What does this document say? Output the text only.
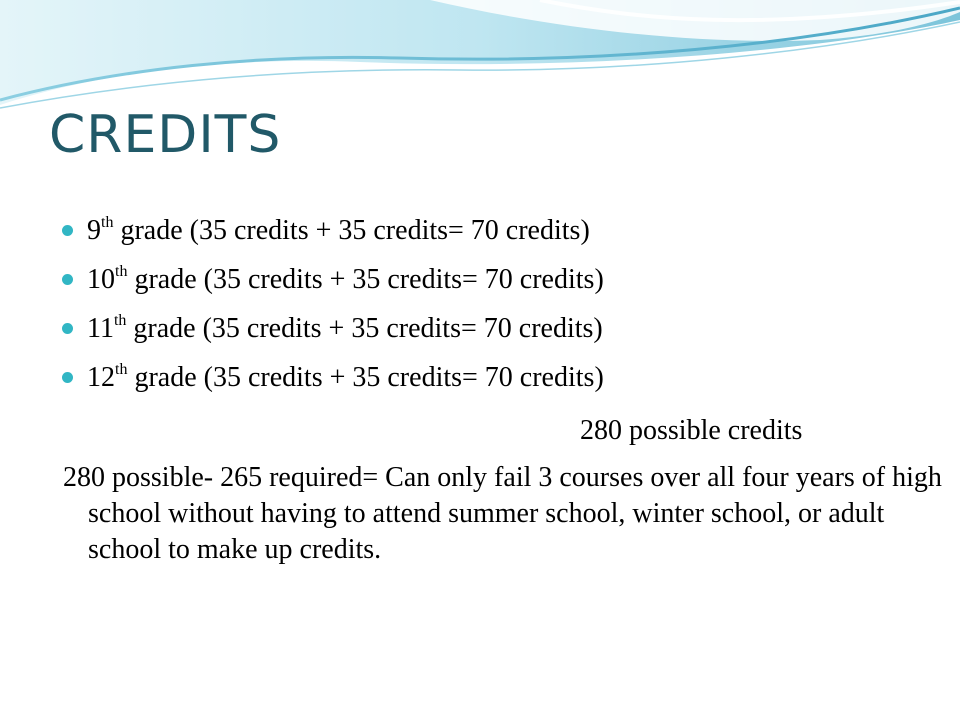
CREDITS
9th grade (35 credits + 35 credits= 70 credits)
10th grade (35 credits + 35 credits= 70 credits)
11th grade (35 credits + 35 credits= 70 credits)
12th grade (35 credits + 35 credits= 70 credits)
280 possible credits

280 possible- 265 required= Can only fail 3 courses over all four years of high school without having to attend summer school, winter school, or adult school to make up credits.
